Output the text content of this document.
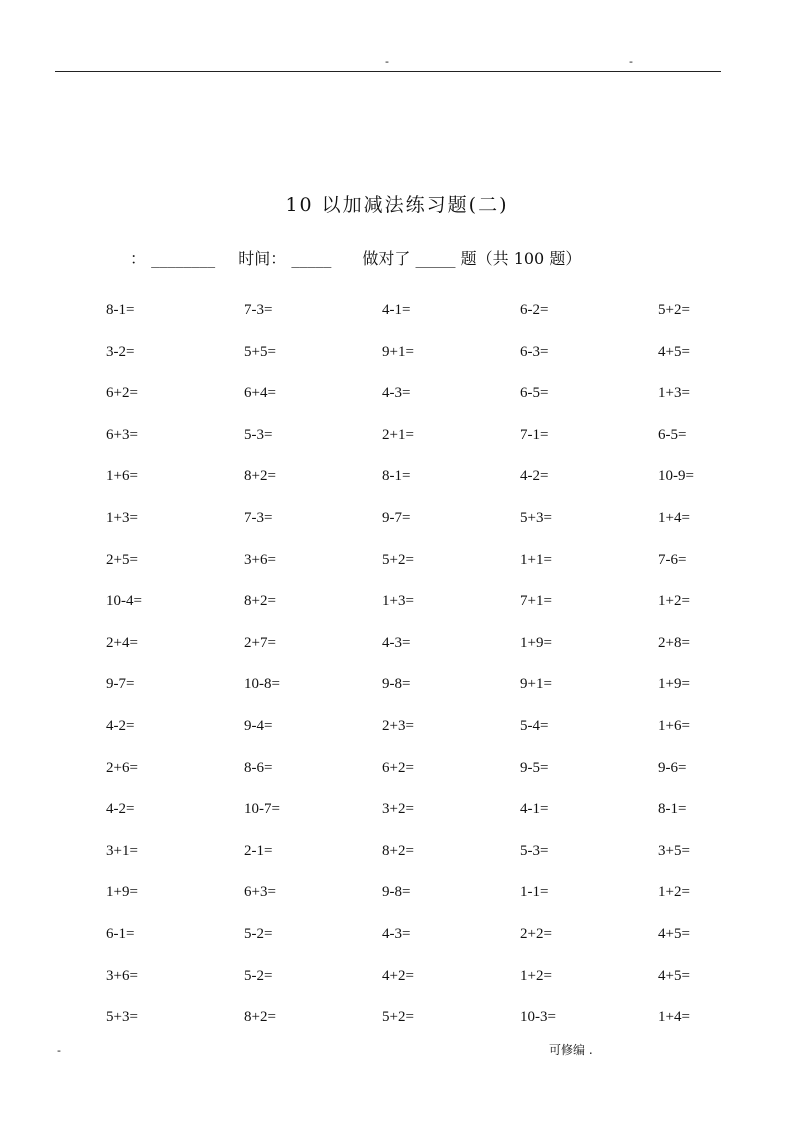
-	-
10 以加减法练习题(二)
： ________ 时间： _____ 做对了 _____ 题（共 100 题）
8-1=	7-3=	4-1=	6-2=	5+2=
3-2=	5+5=	9+1=	6-3=	4+5=
6+2=	6+4=	4-3=	6-5=	1+3=
6+3=	5-3=	2+1=	7-1=	6-5=
1+6=	8+2=	8-1=	4-2=	10-9=
1+3=	7-3=	9-7=	5+3=	1+4=
2+5=	3+6=	5+2=	1+1=	7-6=
10-4=	8+2=	1+3=	7+1=	1+2=
2+4=	2+7=	4-3=	1+9=	2+8=
9-7=	10-8=	9-8=	9+1=	1+9=
4-2=	9-4=	2+3=	5-4=	1+6=
2+6=	8-6=	6+2=	9-5=	9-6=
4-2=	10-7=	3+2=	4-1=	8-1=
3+1=	2-1=	8+2=	5-3=	3+5=
1+9=	6+3=	9-8=	1-1=	1+2=
6-1=	5-2=	4-3=	2+2=	4+5=
3+6=	5-2=	4+2=	1+2=	4+5=
5+3=	8+2=	5+2=	10-3=	1+4=
-	可修编 .
